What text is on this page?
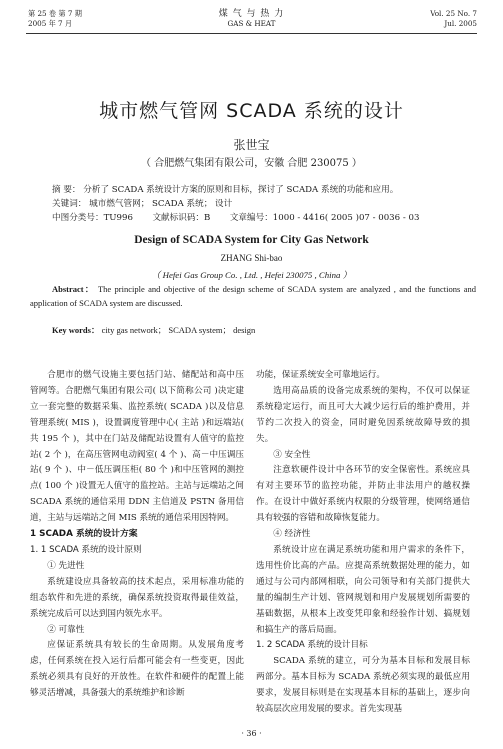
第 25 卷 第 7 期
2005 年 7 月
煤 气 与 热 力
GAS & HEAT
Vol. 25 No. 7
Jul. 2005
城市燃气管网 SCADA 系统的设计
张世宝
（ 合肥燃气集团有限公司，安徽 合肥 230075 ）
摘 要： 分析了 SCADA 系统设计方案的原则和目标，探讨了 SCADA 系统的功能和应用。
关键词： 城市燃气管网； SCADA 系统； 设计
中图分类号：TU996 文献标识码：B 文章编号：1000 - 4416( 2005 )07 - 0036 - 03
Design of SCADA System for City Gas Network
ZHANG Shi-bao
（ Hefei Gas Group Co. , Ltd. , Hefei 230075 , China ）
Abstract： The principle and objective of the design scheme of SCADA system are analyzed , and the functions and application of SCADA system are discussed.
Key words： city gas network； SCADA system； design

合肥市的燃气设施主要包括门站、储配站和高中压管网等。合肥燃气集团有限公司( 以下简称公司 )决定建立一套完整的数据采集、监控系统( SCADA )以及信息管理系统( MIS )，设置调度管理中心( 主站 )和远端站( 共 195 个 )，其中在门站及储配站设置有人值守的监控站( 2 个 )，在高压管网电动阀室( 4 个 )、高－中压调压站( 9 个 )、中－低压调压柜( 80 个 )和中压管网的测控点( 100 个 )设置无人值守的监控站。主站与远端站之间 SCADA 系统的通信采用 DDN 主信道及 PSTN 备用信道，主站与远端站之间 MIS 系统的通信采用因特网。

1 SCADA 系统的设计方案

1. 1 SCADA 系统的设计原则

① 先进性

系统建设应具备较高的技术起点，采用标准功能的组态软件和先进的系统，确保系统投资取得最佳效益，系统完成后可以达到国内领先水平。

② 可靠性

应保证系统具有较长的生命周期。从发展角度考虑，任何系统在投入运行后都可能会有一些变更，因此系统必须具有良好的开放性。在软件和硬件的配置上能够灵活增减，具备强大的系统维护和诊断

功能，保证系统安全可靠地运行。

选用高品质的设备完成系统的架构，不仅可以保证系统稳定运行，而且可大大减少运行后的维护费用，并节约二次投入的资金，同时避免因系统故障导致的损失。

③ 安全性

注意软硬件设计中各环节的安全保密性。系统应具有对主要环节的监控功能，并防止非法用户的越权操作。在设计中做好系统内权限的分级管理，使网络通信具有较强的容错和故障恢复能力。

④ 经济性

系统设计应在满足系统功能和用户需求的条件下，选用性价比高的产品。应提高系统数据处理的能力，如通过与公司内部网相联，向公司领导和有关部门提供大量的编制生产计划、管网规划和用户发展规划所需要的基础数据，从根本上改变凭印象和经验作计划、搞规划和搞生产的落后局面。

1. 2 SCADA 系统的设计目标

SCADA 系统的建立，可分为基本目标和发展目标两部分。基本目标为 SCADA 系统必须实现的最低应用要求，发展目标则是在实现基本目标的基础上，逐步向较高层次应用发展的要求。首先实现基

· 36 ·
